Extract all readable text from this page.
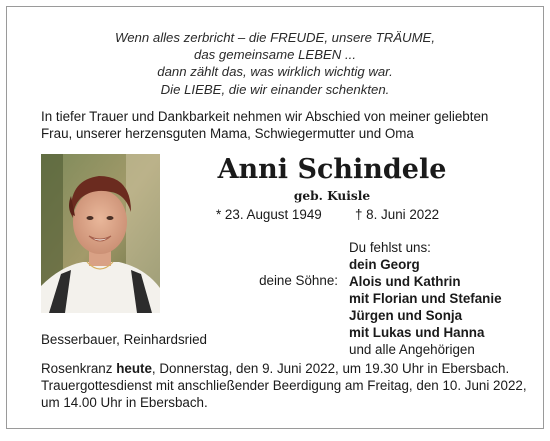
Wenn alles zerbricht – die FREUDE, unsere TRÄUME,
das gemeinsame LEBEN ...
dann zählt das, was wirklich wichtig war.
Die LIEBE, die wir einander schenkten.
In tiefer Trauer und Dankbarkeit nehmen wir Abschied von meiner geliebten
Frau, unserer herzensguten Mama, Schwiegermutter und Oma
Anni Schindele
geb. Kuisle
* 23. August 1949 † 8. Juni 2022
deine Söhne:
Du fehlst uns:
dein Georg
Alois und Kathrin
mit Florian und Stefanie
Jürgen und Sonja
mit Lukas und Hanna
und alle Angehörigen
Besserbauer, Reinhardsried
Rosenkranz heute, Donnerstag, den 9. Juni 2022, um 19.30 Uhr in Ebersbach.
Trauergottesdienst mit anschließender Beerdigung am Freitag, den 10. Juni 2022,
um 14.00 Uhr in Ebersbach.
